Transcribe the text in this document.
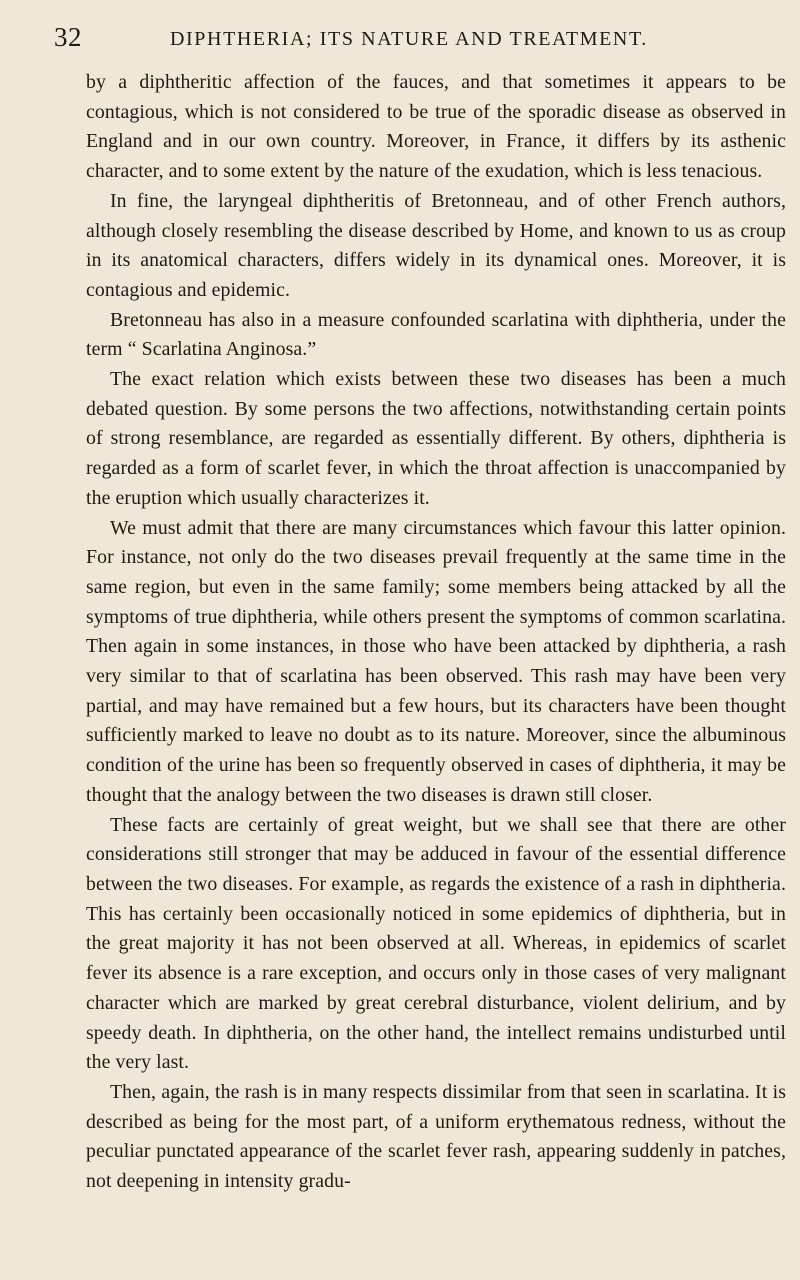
32	DIPHTHERIA; ITS NATURE AND TREATMENT.

by a diphtheritic affection of the fauces, and that sometimes it appears to be contagious, which is not considered to be true of the sporadic disease as observed in England and in our own country. Moreover, in France, it differs by its asthenic character, and to some extent by the nature of the exudation, which is less tenacious.

In fine, the laryngeal diphtheritis of Bretonneau, and of other French authors, although closely resembling the disease described by Home, and known to us as croup in its anatomical characters, differs widely in its dynamical ones. Moreover, it is contagious and epidemic.

Bretonneau has also in a measure confounded scarlatina with diphtheria, under the term “ Scarlatina Anginosa.”

The exact relation which exists between these two diseases has been a much debated question. By some persons the two affections, notwithstanding certain points of strong resemblance, are regarded as essentially different. By others, diphtheria is regarded as a form of scarlet fever, in which the throat affection is unaccompanied by the eruption which usually characterizes it.

We must admit that there are many circumstances which favour this latter opinion. For instance, not only do the two diseases prevail frequently at the same time in the same region, but even in the same family; some members being attacked by all the symptoms of true diphtheria, while others present the symptoms of common scarlatina. Then again in some instances, in those who have been attacked by diphtheria, a rash very similar to that of scarlatina has been observed. This rash may have been very partial, and may have remained but a few hours, but its characters have been thought sufficiently marked to leave no doubt as to its nature. Moreover, since the albuminous condition of the urine has been so frequently observed in cases of diphtheria, it may be thought that the analogy between the two diseases is drawn still closer.

These facts are certainly of great weight, but we shall see that there are other considerations still stronger that may be adduced in favour of the essential difference between the two diseases. For example, as regards the existence of a rash in diphtheria. This has certainly been occasionally noticed in some epidemics of diphtheria, but in the great majority it has not been observed at all. Whereas, in epidemics of scarlet fever its absence is a rare exception, and occurs only in those cases of very malignant character which are marked by great cerebral disturbance, violent delirium, and by speedy death. In diphtheria, on the other hand, the intellect remains undisturbed until the very last.

Then, again, the rash is in many respects dissimilar from that seen in scarlatina. It is described as being for the most part, of a uniform erythematous redness, without the peculiar punctated appearance of the scarlet fever rash, appearing suddenly in patches, not deepening in intensity gradu-
